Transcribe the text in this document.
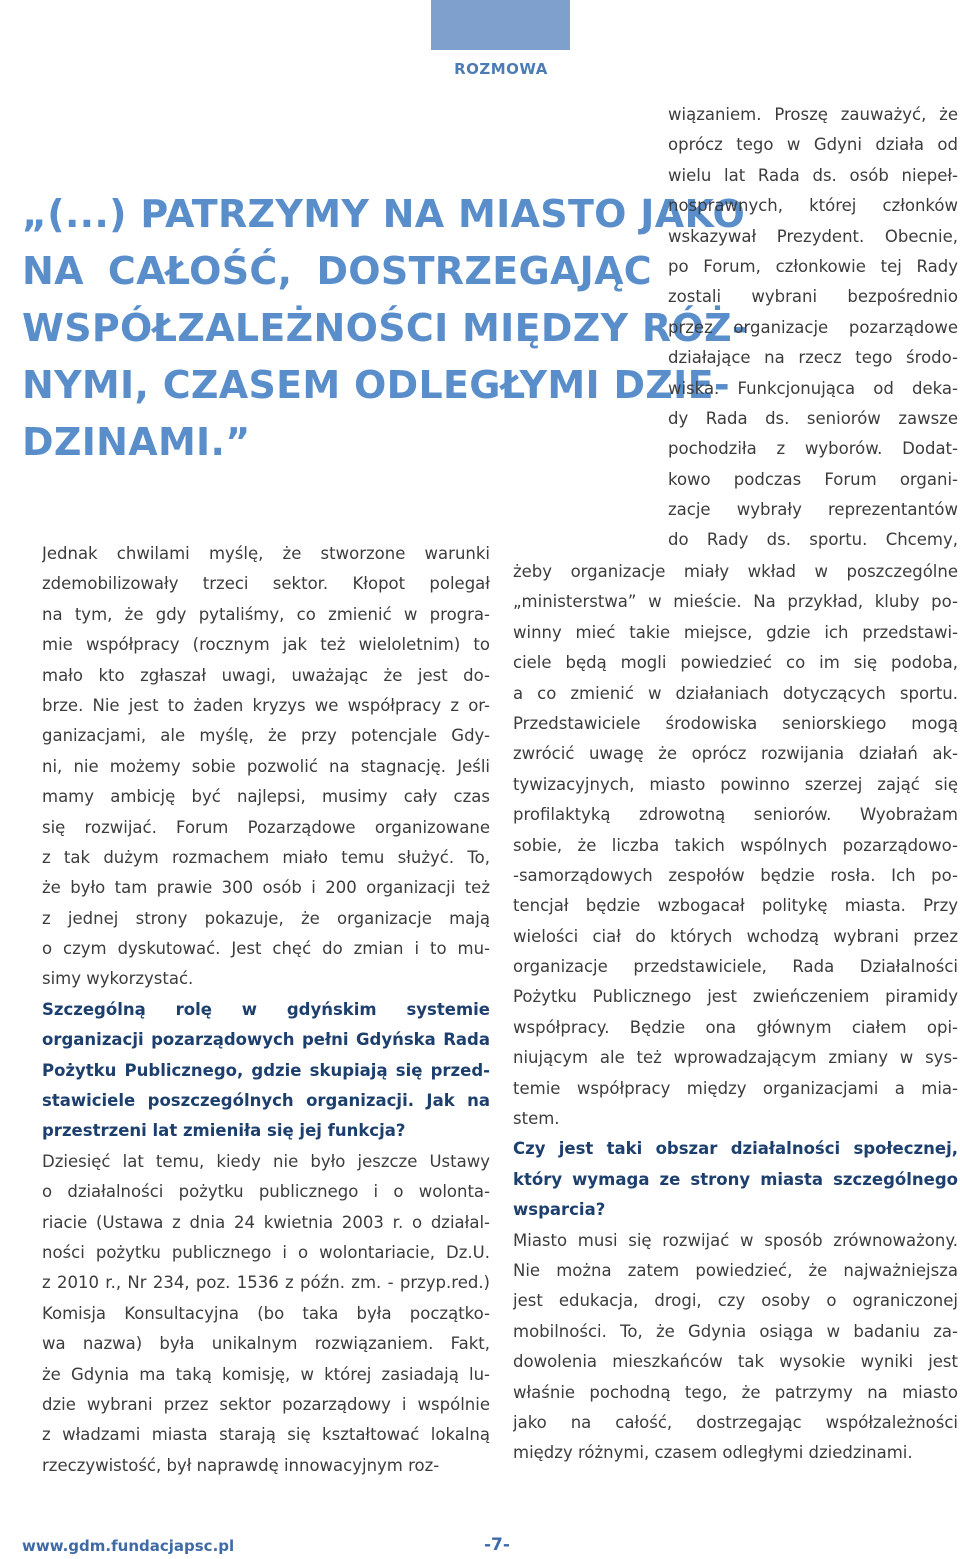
ROZMOWA
„(...) PATRZYMY NA MIASTO JAKO
NA CAŁOŚĆ, DOSTRZEGAJĄC
WSPÓŁZALEŻNOŚCI MIĘDZY RÓŻ-
NYMI, CZASEM ODLEGŁYMI DZIE-
DZINAMI.”
Jednak chwilami myślę, że stworzone warunki
zdemobilizowały trzeci sektor. Kłopot polegał
na tym, że gdy pytaliśmy, co zmienić w progra-
mie współpracy (rocznym jak też wieloletnim) to
mało kto zgłaszał uwagi, uważając że jest do-
brze. Nie jest to żaden kryzys we współpracy z or-
ganizacjami, ale myślę, że przy potencjale Gdy-
ni, nie możemy sobie pozwolić na stagnację. Jeśli
mamy ambicję być najlepsi, musimy cały czas
się rozwijać. Forum Pozarządowe organizowane
z tak dużym rozmachem miało temu służyć. To,
że było tam prawie 300 osób i 200 organizacji też
z jednej strony pokazuje, że organizacje mają
o czym dyskutować. Jest chęć do zmian i to mu-
simy wykorzystać.
Szczególną rolę w gdyńskim systemie
organizacji pozarządowych pełni Gdyńska Rada
Pożytku Publicznego, gdzie skupiają się przed-
stawiciele poszczególnych organizacji. Jak na
przestrzeni lat zmieniła się jej funkcja?
Dziesięć lat temu, kiedy nie było jeszcze Ustawy
o działalności pożytku publicznego i o wolonta-
riacie (Ustawa z dnia 24 kwietnia 2003 r. o działal-
ności pożytku publicznego i o wolontariacie, Dz.U.
z 2010 r., Nr 234, poz. 1536 z późn. zm. - przyp.red.)
Komisja Konsultacyjna (bo taka była początko-
wa nazwa) była unikalnym rozwiązaniem. Fakt,
że Gdynia ma taką komisję, w której zasiadają lu-
dzie wybrani przez sektor pozarządowy i wspólnie
z władzami miasta starają się kształtować lokalną
rzeczywistość, był naprawdę innowacyjnym roz-
wiązaniem. Proszę zauważyć, że
oprócz tego w Gdyni działa od
wielu lat Rada ds. osób niepeł-
nosprawnych, której członków
wskazywał Prezydent. Obecnie,
po Forum, członkowie tej Rady
zostali wybrani bezpośrednio
przez organizacje pozarządowe
działające na rzecz tego środo-
wiska. Funkcjonująca od deka-
dy Rada ds. seniorów zawsze
pochodziła z wyborów. Dodat-
kowo podczas Forum organi-
zacje wybrały reprezentantów
do Rady ds. sportu. Chcemy,
żeby organizacje miały wkład w poszczególne
„ministerstwa” w mieście. Na przykład, kluby po-
winny mieć takie miejsce, gdzie ich przedstawi-
ciele będą mogli powiedzieć co im się podoba,
a co zmienić w działaniach dotyczących sportu.
Przedstawiciele środowiska seniorskiego mogą
zwrócić uwagę że oprócz rozwijania działań ak-
tywizacyjnych, miasto powinno szerzej zająć się
profilaktyką zdrowotną seniorów. Wyobrażam
sobie, że liczba takich wspólnych pozarządowo-
-samorządowych zespołów będzie rosła. Ich po-
tencjał będzie wzbogacał politykę miasta. Przy
wielości ciał do których wchodzą wybrani przez
organizacje przedstawiciele, Rada Działalności
Pożytku Publicznego jest zwieńczeniem piramidy
współpracy. Będzie ona głównym ciałem opi-
niującym ale też wprowadzającym zmiany w sys-
temie współpracy między organizacjami a mia-
stem.
Czy jest taki obszar działalności społecznej,
który wymaga ze strony miasta szczególnego
wsparcia?
Miasto musi się rozwijać w sposób zrównoważony.
Nie można zatem powiedzieć, że najważniejsza
jest edukacja, drogi, czy osoby o ograniczonej
mobilności. To, że Gdynia osiąga w badaniu za-
dowolenia mieszkańców tak wysokie wyniki jest
właśnie pochodną tego, że patrzymy na miasto
jako na całość, dostrzegając współzależności
między różnymi, czasem odległymi dziedzinami.
www.gdm.fundacjapsc.pl	-7-
